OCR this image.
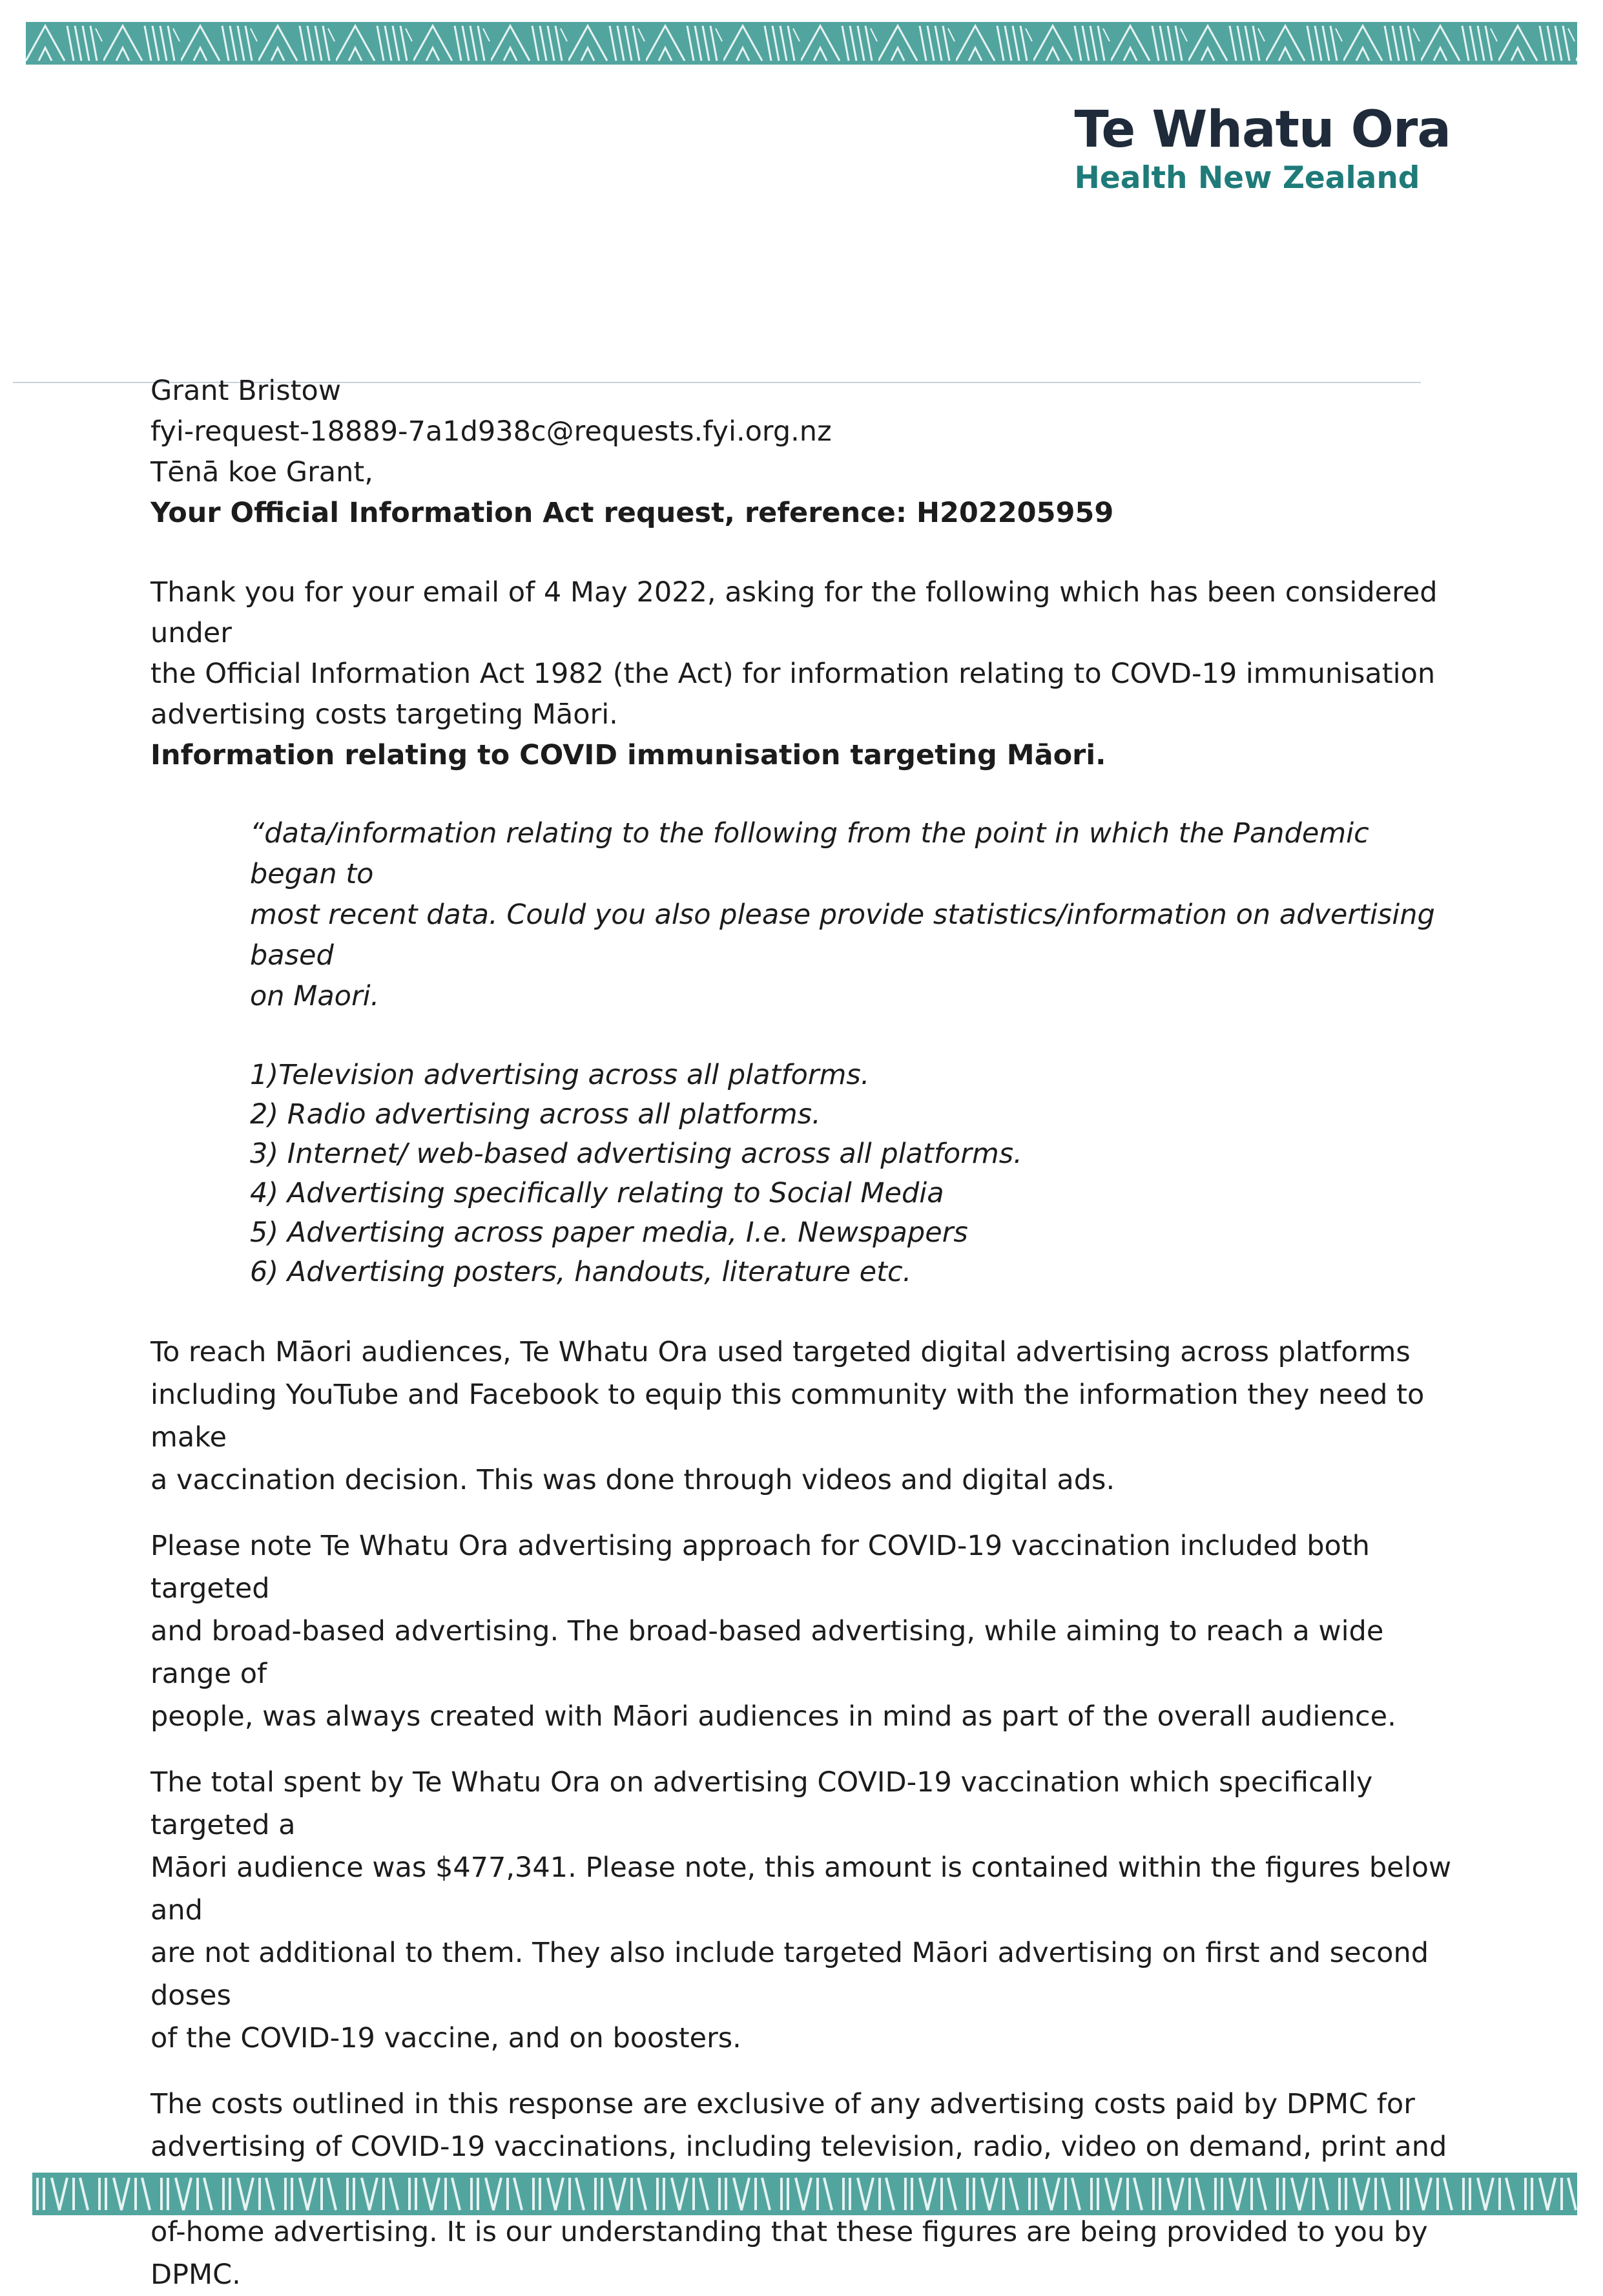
Te Whatu Ora
Health New Zealand

Grant Bristow

fyi-request-18889-7a1d938c@requests.fyi.org.nz

Tēnā koe Grant,

Your Official Information Act request, reference: H202205959

Thank you for your email of 4 May 2022, asking for the following which has been considered under
the Official Information Act 1982 (the Act) for information relating to COVD-19 immunisation
advertising costs targeting Māori.

Information relating to COVID immunisation targeting Māori.

“data/information relating to the following from the point in which the Pandemic began to
most recent data. Could you also please provide statistics/information on advertising based
on Maori.
1)Television advertising across all platforms.
2) Radio advertising across all platforms.
3) Internet/ web-based advertising across all platforms.
4) Advertising specifically relating to Social Media
5) Advertising across paper media, I.e. Newspapers
6) Advertising posters, handouts, literature etc.
To reach Māori audiences, Te Whatu Ora used targeted digital advertising across platforms
including YouTube and Facebook to equip this community with the information they need to make
a vaccination decision. This was done through videos and digital ads.
Please note Te Whatu Ora advertising approach for COVID-19 vaccination included both targeted
and broad-based advertising. The broad-based advertising, while aiming to reach a wide range of
people, was always created with Māori audiences in mind as part of the overall audience.
The total spent by Te Whatu Ora on advertising COVID-19 vaccination which specifically targeted a
Māori audience was $477,341. Please note, this amount is contained within the figures below and
are not additional to them. They also include targeted Māori advertising on first and second doses
of the COVID-19 vaccine, and on boosters.
The costs outlined in this response are exclusive of any advertising costs paid by DPMC for
advertising of COVID-19 vaccinations, including television, radio, video on demand, print and
of-home advertising. It is our understanding that these figures are being provided to you by DPMC.
